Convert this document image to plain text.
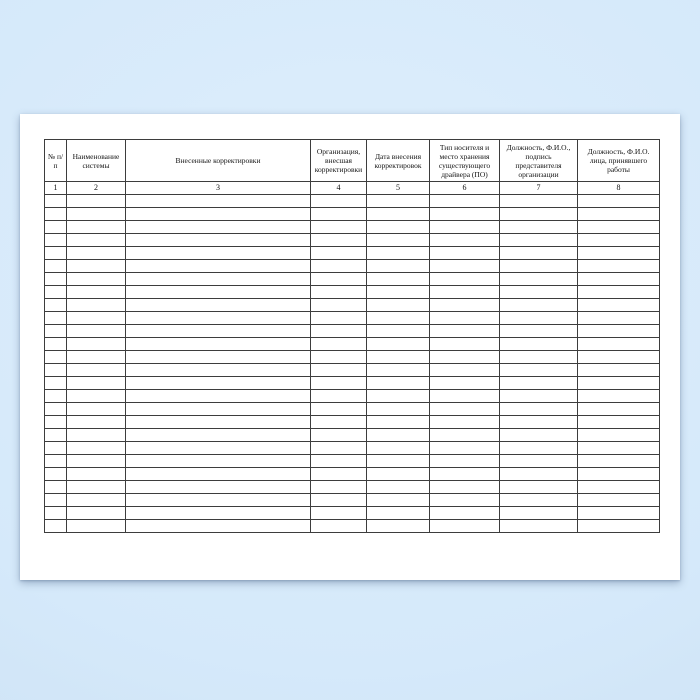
№ п/п	Наименование системы	Внесенные корректировки	Организация, внесшая корректировки	Дата внесения корректировок	Тип носителя и место хранения существующего драйвера (ПО)	Должность, Ф.И.О., подпись представителя организации	Должность, Ф.И.О. лица, принявшего работы
1	2	3	4	5	6	7	8
